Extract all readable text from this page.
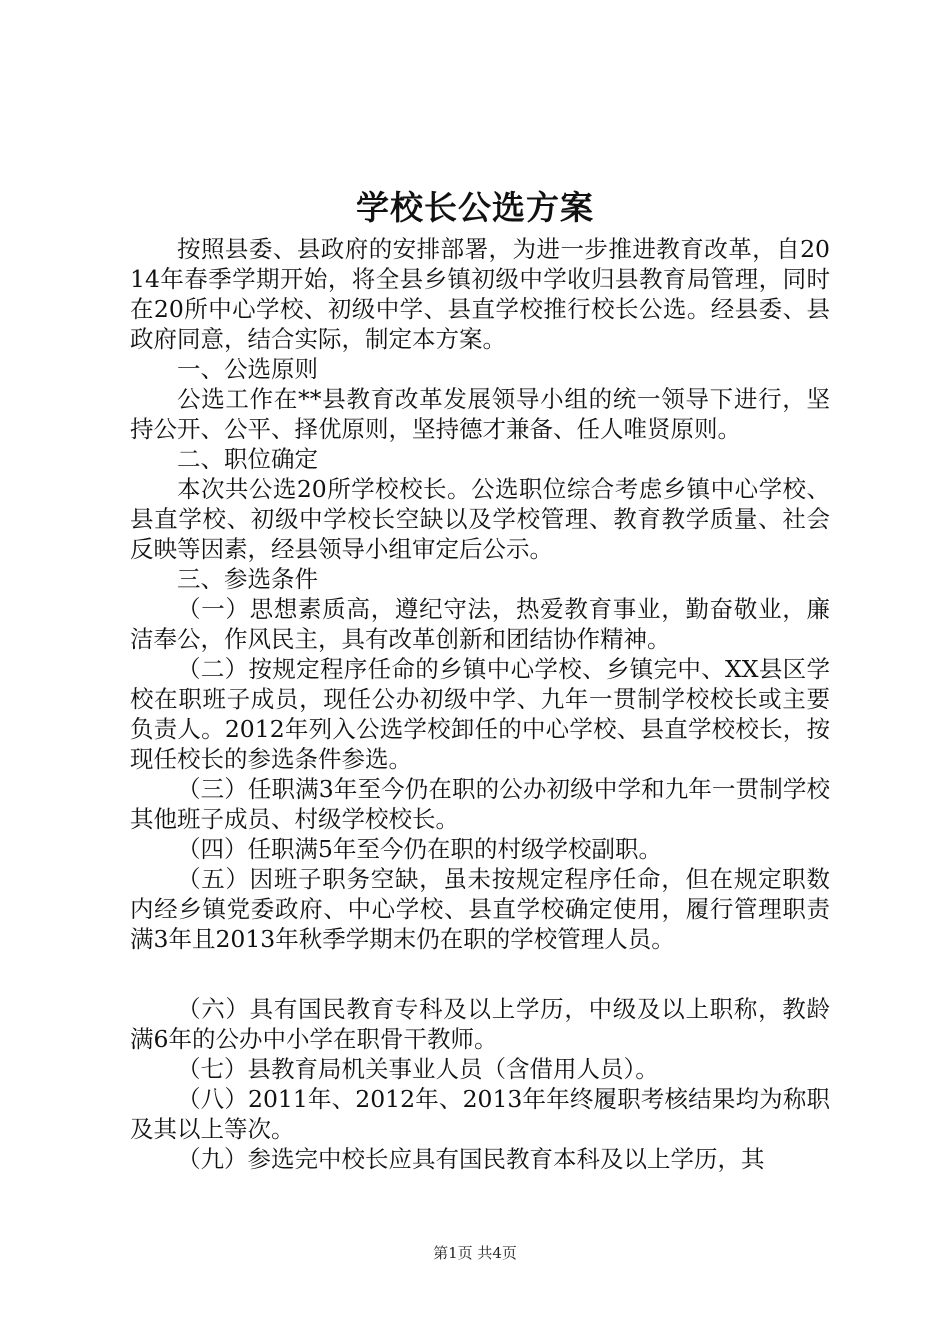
学校长公选方案

按照县委、县政府的安排部署，为进一步推进教育改革，自2014年春季学期开始，将全县乡镇初级中学收归县教育局管理，同时在20所中心学校、初级中学、县直学校推行校长公选。经县委、县政府同意，结合实际，制定本方案。

一、公选原则

公选工作在**县教育改革发展领导小组的统一领导下进行，坚持公开、公平、择优原则，坚持德才兼备、任人唯贤原则。

二、职位确定

本次共公选20所学校校长。公选职位综合考虑乡镇中心学校、县直学校、初级中学校长空缺以及学校管理、教育教学质量、社会反映等因素，经县领导小组审定后公示。

三、参选条件

（一）思想素质高，遵纪守法，热爱教育事业，勤奋敬业，廉洁奉公，作风民主，具有改革创新和团结协作精神。

（二）按规定程序任命的乡镇中心学校、乡镇完中、XX县区学校在职班子成员，现任公办初级中学、九年一贯制学校校长或主要负责人。2012年列入公选学校卸任的中心学校、县直学校校长，按现任校长的参选条件参选。

（三）任职满3年至今仍在职的公办初级中学和九年一贯制学校其他班子成员、村级学校校长。

（四）任职满5年至今仍在职的村级学校副职。

（五）因班子职务空缺，虽未按规定程序任命，但在规定职数内经乡镇党委政府、中心学校、县直学校确定使用，履行管理职责满3年且2013年秋季学期末仍在职的学校管理人员。

（六）具有国民教育专科及以上学历，中级及以上职称，教龄满6年的公办中小学在职骨干教师。

（七）县教育局机关事业人员（含借用人员）。

（八）2011年、2012年、2013年年终履职考核结果均为称职及其以上等次。

（九）参选完中校长应具有国民教育本科及以上学历，其

第1页 共4页
